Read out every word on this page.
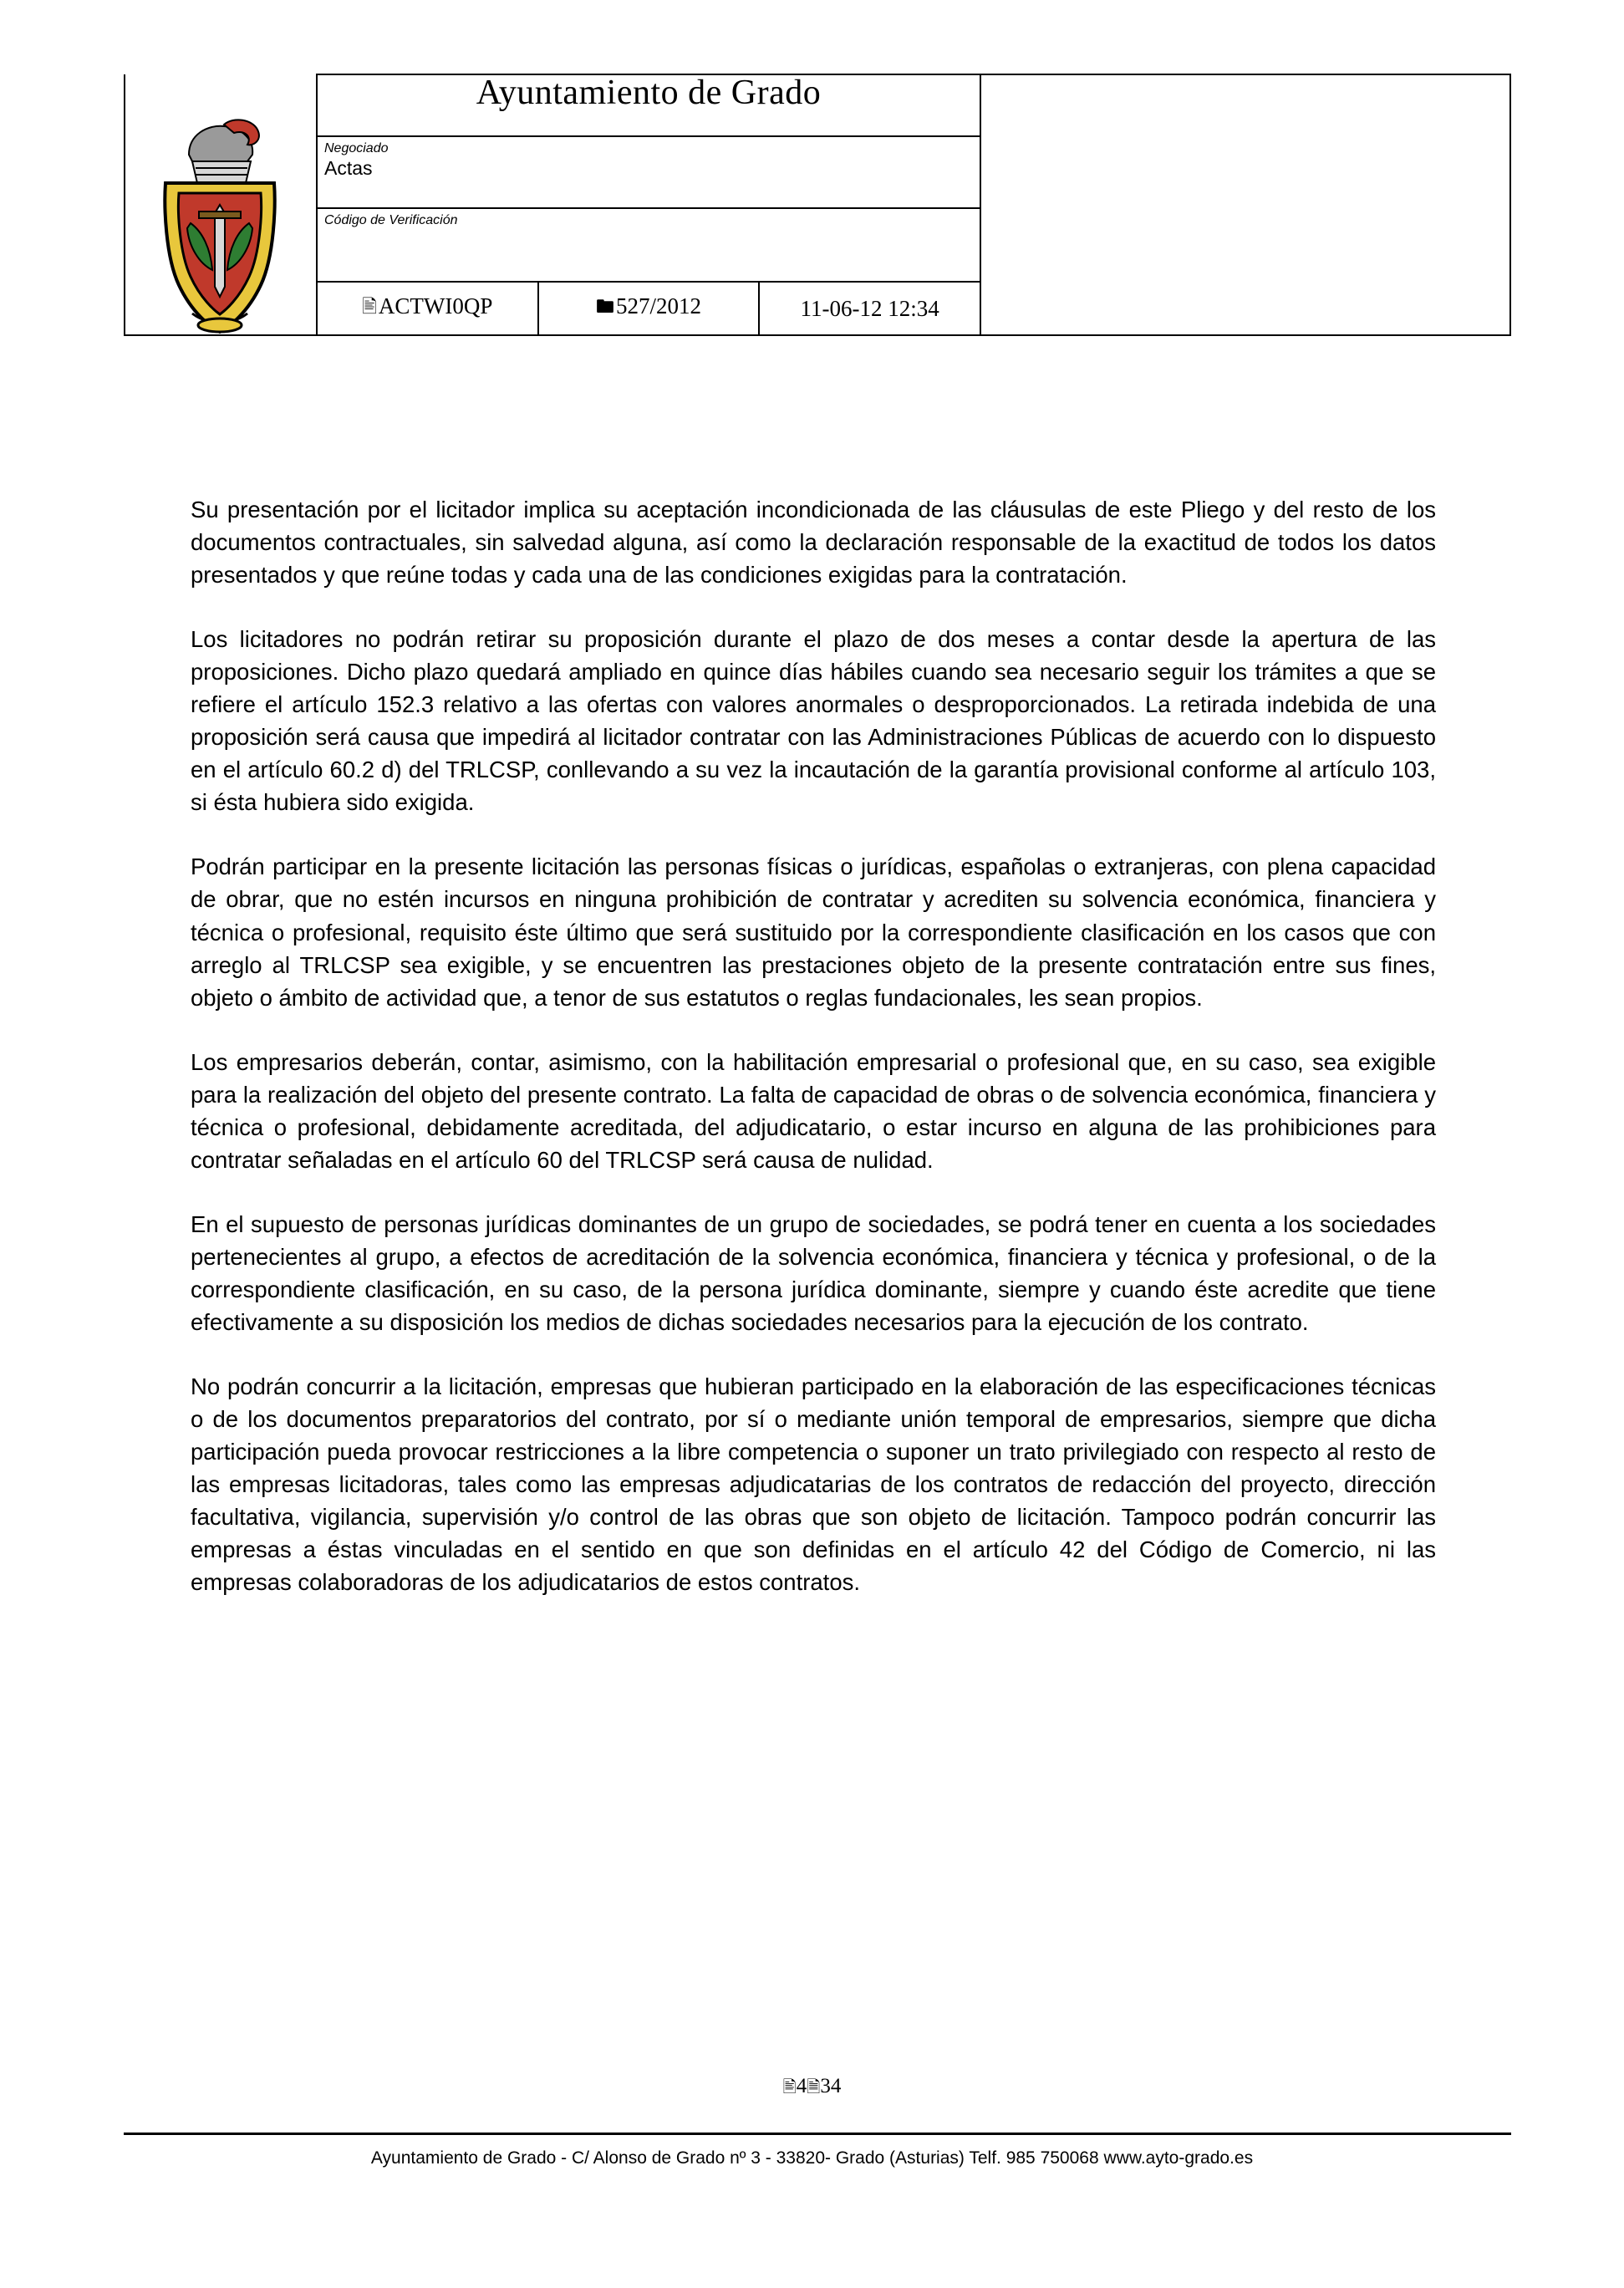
	Ayuntamiento de Grado			

	Negociado
Actas			

	Código de Verificación			

	🖹ACTWI0QP	🖿527/2012	11-06-12 12:34	

Su presentación por el licitador implica su aceptación incondicionada de las cláusulas de este Pliego y del resto de los documentos contractuales, sin salvedad alguna, así como la declaración responsable de la exactitud de todos los datos presentados y que reúne todas y cada una de las condiciones exigidas para la contratación.

Los licitadores no podrán retirar su proposición durante el plazo de dos meses a contar desde la apertura de las proposiciones. Dicho plazo quedará ampliado en quince días hábiles cuando sea necesario seguir los trámites a que se refiere el artículo 152.3 relativo a las ofertas con valores anormales o desproporcionados. La retirada indebida de una proposición será causa que impedirá al licitador contratar con las Administraciones Públicas de acuerdo con lo dispuesto en el artículo 60.2 d) del TRLCSP, conllevando a su vez la incautación de la garantía provisional conforme al artículo 103, si ésta hubiera sido exigida.

Podrán participar en la presente licitación las personas físicas o jurídicas, españolas o extranjeras, con plena capacidad de obrar, que no estén incursos en ninguna prohibición de contratar y acrediten su solvencia económica, financiera y técnica o profesional, requisito éste último que será sustituido por la correspondiente clasificación en los casos que con arreglo al TRLCSP sea exigible, y se encuentren las prestaciones objeto de la presente contratación entre sus fines, objeto o ámbito de actividad que, a tenor de sus estatutos o reglas fundacionales, les sean propios.

Los empresarios deberán, contar, asimismo, con la habilitación empresarial o profesional que, en su caso, sea exigible para la realización del objeto del presente contrato. La falta de capacidad de obras o de solvencia económica, financiera y técnica o profesional, debidamente acreditada, del adjudicatario, o estar incurso en alguna de las prohibiciones para contratar señaladas en el artículo 60 del TRLCSP será causa de nulidad.

En el supuesto de personas jurídicas dominantes de un grupo de sociedades, se podrá tener en cuenta a los sociedades pertenecientes al grupo, a efectos de acreditación de la solvencia económica, financiera y técnica y profesional, o de la correspondiente clasificación, en su caso, de la persona jurídica dominante, siempre y cuando éste acredite que tiene efectivamente a su disposición los medios de dichas sociedades necesarios para la ejecución de los contrato.

No podrán concurrir a la licitación, empresas que hubieran participado en la elaboración de las especificaciones técnicas o de los documentos preparatorios del contrato, por sí o mediante unión temporal de empresarios, siempre que dicha participación pueda provocar restricciones a la libre competencia o suponer un trato privilegiado con respecto al resto de las empresas licitadoras, tales como las empresas adjudicatarias de los contratos de redacción del proyecto, dirección facultativa, vigilancia, supervisión y/o control de las obras que son objeto de licitación. Tampoco podrán concurrir las empresas a éstas vinculadas en el sentido en que son definidas en el artículo 42 del Código de Comercio, ni las empresas colaboradoras de los adjudicatarios de estos contratos.

🖹4🗎34
Ayuntamiento de Grado - C/ Alonso de Grado nº 3 - 33820- Grado (Asturias) Telf. 985 750068 www.ayto-grado.es
